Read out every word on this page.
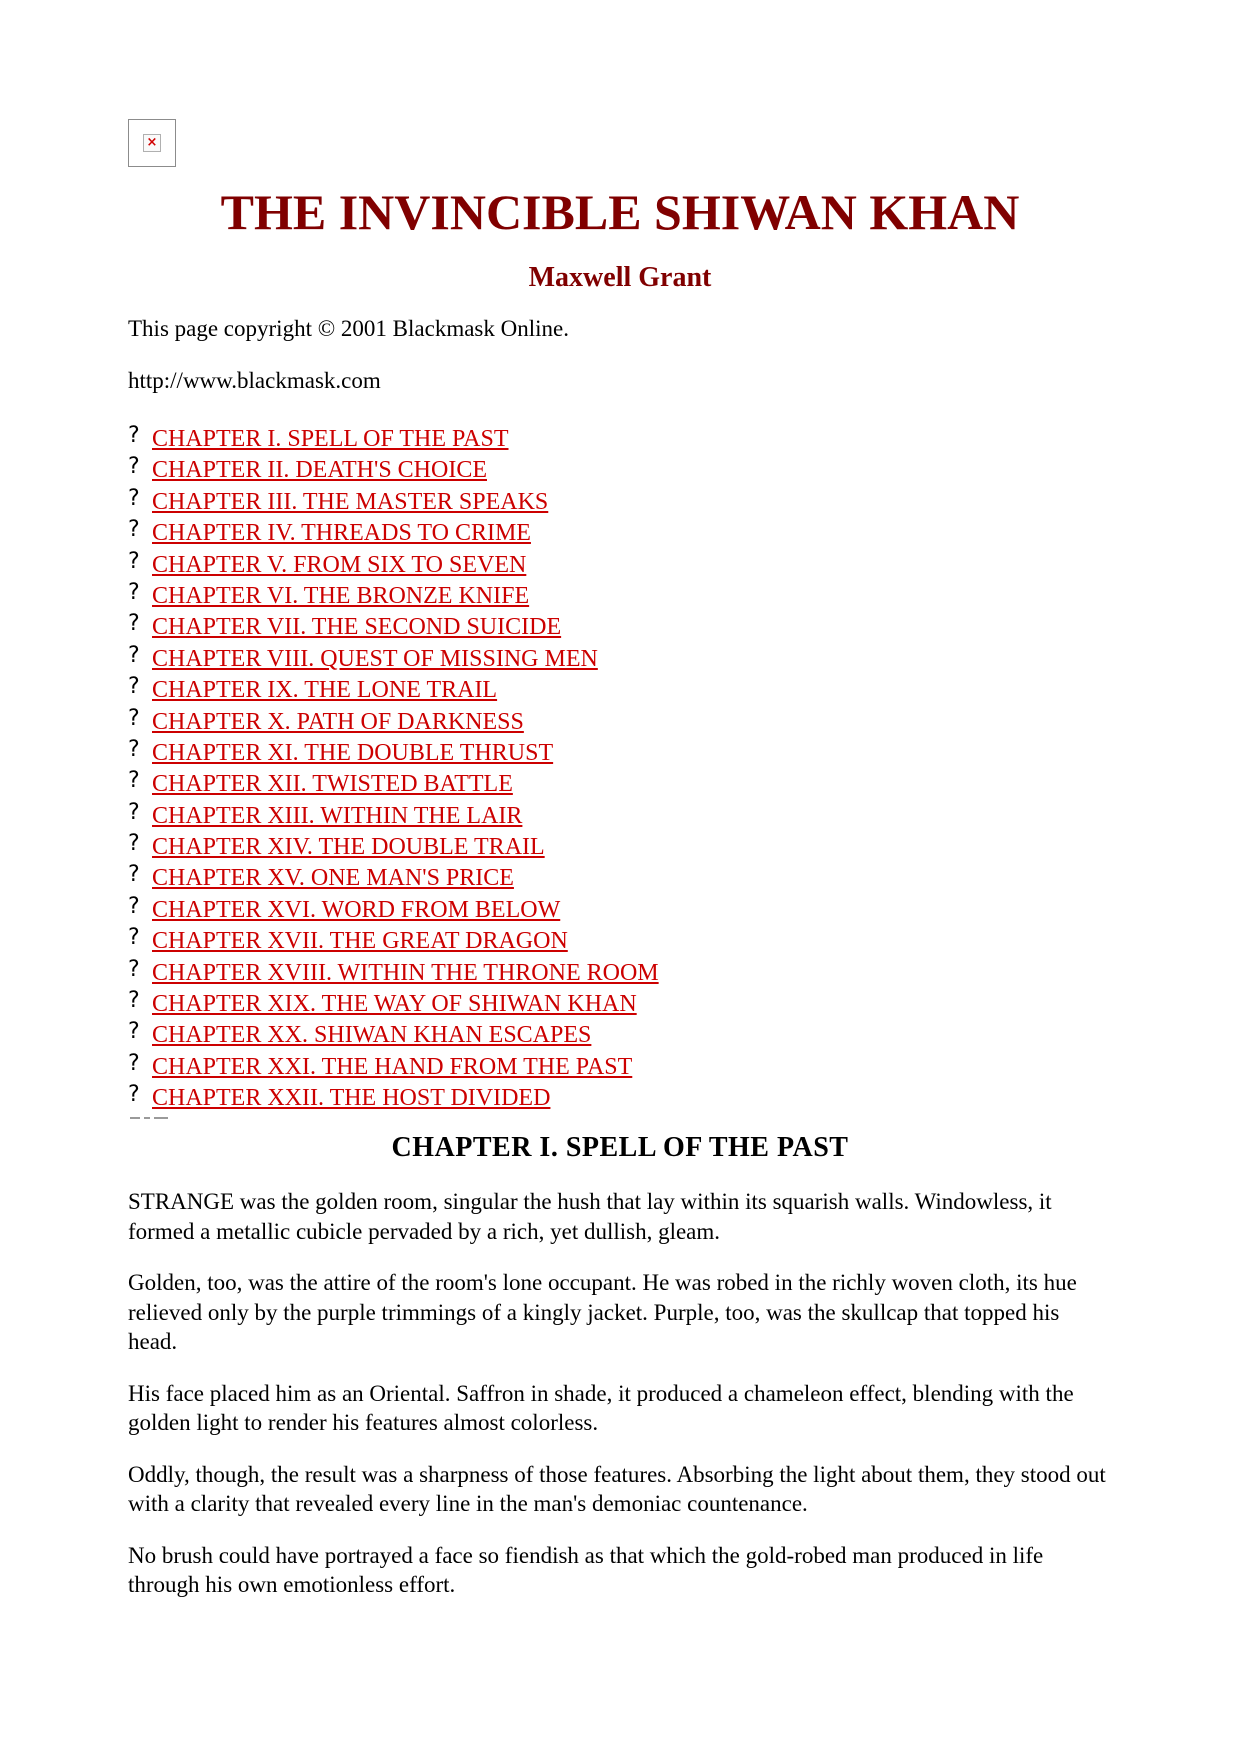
×
THE INVINCIBLE SHIWAN KHAN
Maxwell Grant

This page copyright © 2001 Blackmask Online.

http://www.blackmask.com

? CHAPTER I. SPELL OF THE PAST
? CHAPTER II. DEATH'S CHOICE
? CHAPTER III. THE MASTER SPEAKS
? CHAPTER IV. THREADS TO CRIME
? CHAPTER V. FROM SIX TO SEVEN
? CHAPTER VI. THE BRONZE KNIFE
? CHAPTER VII. THE SECOND SUICIDE
? CHAPTER VIII. QUEST OF MISSING MEN
? CHAPTER IX. THE LONE TRAIL
? CHAPTER X. PATH OF DARKNESS
? CHAPTER XI. THE DOUBLE THRUST
? CHAPTER XII. TWISTED BATTLE
? CHAPTER XIII. WITHIN THE LAIR
? CHAPTER XIV. THE DOUBLE TRAIL
? CHAPTER XV. ONE MAN'S PRICE
? CHAPTER XVI. WORD FROM BELOW
? CHAPTER XVII. THE GREAT DRAGON
? CHAPTER XVIII. WITHIN THE THRONE ROOM
? CHAPTER XIX. THE WAY OF SHIWAN KHAN
? CHAPTER XX. SHIWAN KHAN ESCAPES
? CHAPTER XXI. THE HAND FROM THE PAST
? CHAPTER XXII. THE HOST DIVIDED
CHAPTER I. SPELL OF THE PAST

STRANGE was the golden room, singular the hush that lay within its squarish walls. Windowless, it formed a metallic cubicle pervaded by a rich, yet dullish, gleam.

Golden, too, was the attire of the room's lone occupant. He was robed in the richly woven cloth, its hue relieved only by the purple trimmings of a kingly jacket. Purple, too, was the skullcap that topped his head.

His face placed him as an Oriental. Saffron in shade, it produced a chameleon effect, blending with the golden light to render his features almost colorless.

Oddly, though, the result was a sharpness of those features. Absorbing the light about them, they stood out with a clarity that revealed every line in the man's demoniac countenance.

No brush could have portrayed a face so fiendish as that which the gold-robed man produced in life through his own emotionless effort.
